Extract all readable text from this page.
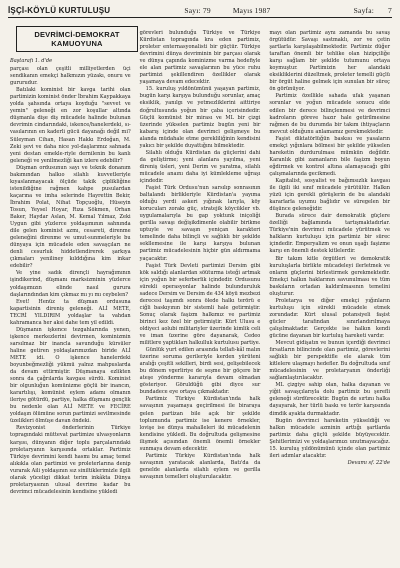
İŞÇİ-KÖYLÜ KURTULUŞU	Sayı: 79	Mayıs 1987	Sayfa: 7
DEVRİMCİ-DEMOKRAT KAMUOYUNA

Baştarafı 1. d'de

parçası olan çeşitli milliyetlerden üçi sendikanın emekçi halkmızın yüzakı, onuru ve gururudur.

Batılaki kominist bir kavga tarihi olan partimizin kominist önder İbrahim Kaypakkaya yolda şahsında ortaya koyduğu "sevvet ve yemin" geleneği en zor koşullar altında düşmanla dişe diş mücadele halinde bulunan devrimin cindarındaki, iskence/hanelerdeki, sı-vasılarının en kaderli gücü dayanağı değil mi? Süleyman Cihan, Hasan Hakkı Erdoğan, M. Zeki şevi ve daha nice yol-daşlarımız sahnada yeni destan emekle-riyle dernilenin bu kanlı geleneği ve yenilmezliği kan izlere edebilir?

Düşman ordusunun sayı ve teknik donanım bakımından halkıo silahlı kuvvetleriyle kıyaslanmayacak ölçüde takik çiplikliğine istenildiğine rağmen kahpe pusulardan kaçarına ve imha selerinde Hayrettin Bekir, İbrahim Polat, Nihat Topçuoğlu, Hüseyin Tosun, Yeysel Hoyar, Rıza Sökmen, Orhan Baker, Haydar Aslan, M. Kemal Yılmaz, Zeki Uygun gibi yüzlerce yoldaşımının sahnında dile gelen kominist azmı, cesareti, direnme geleneğini direnme ve umut-sunmeleriyle bu dünyaya için mücadele eden savaşçıları ne denli cesurluk hiddetlendirerek şarkıya çıkmaları yeniliney kılddığına kim inkar edebilir?

Ve yine sadık dirençli hayrağımının işindikerind, düşmanı marksizminin yüzlerce yoldaşımızın elinde nasıl gurura daşlarındından kim çıkmaz mı yı mı ceybelen?

Evet! Henüz ta düşman ordusuna kapartisinin direniş geleneği. ALİ METE, TECRİ YILDIRIM yoldaşlar ta vahdan kahramanca her aksi dahe tem yil edildi.

Düşmanın işkence tezgahlarında yenen, işkence merkezlerini devirmen, kominizmin sarsılmaz bir inancla savunduğu kürsüler haline getiren yoldaşlarımızdan biride ALİ METE idi. O işkence hanelerdeki boyunbeğmezliği yükmü yalnız mahpuslarda da devam ettirmiştir. Düşmanaya ezlikten sonra da çağrılarda kavgası sürdü. Kominist bir olgunluğun komünizme göçlü bir inancın, karartılışı, komünist eylem adamı olmanın ileriye götürdü, partiye, halka düşmanı gençlik bu nedenle olan ALİ METE ve FECİRE yoldaşın ölümüne sorun partimizi sevilmesinde üzelikleri ölmüşe davan öndeki.

Revizyonist önderlerinin Türkiye topragındaki müttevat partimize ulvasyonların karşısı, dünyanın diğer toplu parçalarındaki proletaryanın karşısında ortaklar. Partimiz Türkiye devrimini kendi hasmı bu amaç temel alıkıkla olan partimizi ve proleterlarına denip vurarak Aili yoldaşının sız siniltiklerimizle ilgili olarak yüceligi dikkat terim inkâkta Dünya proletaryasının ulusal devrime kadar bu devrimci mücadelesinin kendisine yükledi

görevleri bulunduğu Türkiye ve Türkiye Kürdistan topragında kra eden partimiz, proleter enternasyonalisti bir güçtür. Türkiye devrimini dünya devriminin bir parçası olarak ve dünya çapında kominizme varma hedefiyle ele alan partimiz savaşlarının bu yüce ruhu partimizi şekillendiren özellikler olarak yaşamaya devam edecektir.

15. kuruluş yıldönümünü yaşayan partimiz, bugün karşı karşıya bulunduğu sorunlar, amaç eksiklik, yanılgı ve yetmezliklerini aittiriye doğrultusunda yoğun bir çaba içerisindedir. Güçlü komünist bir mirası ve ML bir çizgi üzerinde yükselen partimiz bugün yeni bir kabarış içinde olan devrimci gelişmeye bu alanda müdahale etme gerekliliğinin kendisini yakıcı bir şekilde duyattığını bilmektedir.

Silahlı olduğu Kürdistan da güçlerini dahi da geliştirme; yeni alanlara yayılma, yeni direniş üsleri, yeni Derim ve yaratma, silahlı mücadele anaını daha iyi kümlekleme uğraşı içindedir.

Faşist Türk Ordusu'nun sarsılıp sonrasının baltalandı birlikleriyle Kürdistan'a yayıma olduğu yerdi askeri yığınak larıyla, köy korucuları zorakı güç, stratejik köycükler vb. uygulamalarıyla bu gap yoktunk iniçoliği gerilla savaşı değişikdimenle olabilir birikme uptuyle ve savaşın yeniçan karakteri temelinde daha bilinçli ve sağlıklı bir şekilde sekllemesine ile karşı karşıya bulunan partimiz mücadelesinin hiçbir gün aldırmama yaçacaktır.

Faşist Türk Devleti partimizi Dersim gibi kök saldığı alanlardan söüturma isteği artmak için yoğun bir seferberlik içindedir. Ordusunu sürekli operasyonlar halinde bulunduruluk sadece Dersim ve Dersim de 434 köyü mezbezi derecesi taşımdı sonra ölede halkı terörü e ciğli baskıyının bir sistemli hale getirmiştir. Sonuç olarak faşizm halkımız ve partimiz birinci kez özel bir getirmiştir. Kürt Ulusu e oldiyeci aolubi militariyler üzerinde kimlik celi ve iman üzerine göre dayanarak, Cedeo militlere yaptikları halkulluk kurtulusu partiye.

Günlük yurt edilen arasında tellafı-kâl malın üzerine soruma gerileriyle kerden yürüteni aralığı çeşitli sekilleri, birdi sesi, gelişebilecek bu dönem vgerliriye de seşme bir göçere bir ateşe yönderme kararıyla devam olmadan gösteriyor. Göruldüğü gibi diyce sur bundadece eye ortaya çıkmaktadır.

Partimiz Türkiye Kürdistan'ında halk savaşının yaşamaya geçirilmesi ile biraraya gelen partizan bile açık bir şekilde toplumunda partimiz ise kenere örnekler, lovişe ise dünya mahalleleri iki mücadelenin kendisine yükledi. Bu doğrultuda gelişmesine ilişmek açısından önemli önemli örnekler sunmaya devam edecektir.

Partimiz Türkiye Kürdistan'ında halk savaşının yaratacak alanlarda, Batı'da da genelde alanlarda silahlı eylem ve gerilla savaşının temelleri oluşturulacaktır.

mayı olan partimiz aynı zamanda bu savaş örgütüdür. Savaşı sastmaklı, zor ve çetin şartlarla karşılaşabilmektedir. Partimiz düğer taraftan önemli bir tehlike olan hizipçiliğe karşı sağlam bir şekilde tutumunu ortaya koymuştur. Partimizin her alandaki eksikliklerini düzeltmek, proleter temelli güçlü bir örgüt haline gelmek için sunulan bir süreç ön görünüyor.

Partimiz özellikle sahada ufak yaşanan sorunlar ve yoğun mücadele sonucu elde edilen bir derece bilinçlenmesi ve devrimci kadroların göreve hazır hale getirilmesine rağmen de bu durumda bir takım ihtiyaçların mevcut olduğunu anlamamız gerekmektedir.

Faşist diktatörlüğün baskısı ve yasaların emekçi yığınlara bölmesi bir şekilde yükselen hareketin durdurulması mümkün değildir. Karanlık gibi zamanların bile faşizm boyun eğdirmek ve kontrol altına alamayacağı gibi çalışmalarında gecikmedi.

Kapitalist, sosyalist ve bağımsızlık kavgası ile ilgili iki sınıf mücadele yürütülür. Halkın yüzü için gerekli görüşlerin de bu alandaki kararlarla uyumu bağlıdır ve süregelen bir düşünce geleneğidir.

Burada sürece dair demokratik güçlere özelliği bağlamında tartışmaktadırlar. Türkiye'nin devrimci mücadele yürütmek ve halkların kurtuluşu için partimiz bir sürec içindedir. Emperyalizm ve onun uşağı faşizme karşı en önemli destek kitlelerdir.

Bir takım kitle örgütleri ve demokratik kuruluşlarla birlikte mücadeleyi ilerletmek ve onların güçlerini birlestirmek gerekmektedir. Emekçi halkın haklarının savunulması ve tüm baskıların ortadan kaldırılmasının temelini oluşturur.

Proletarya ve diğer emekçi yığınların kurtuluşu için sürekli mücadele etmek zorundadır. Kürt ulusal potansiyeli faşist gücler tarafından sınırlandırılmaya çalışılmaktadır. Gerçekte ise halkın kendi gücüne dayanan bir kurtuluş hareketi vardır.

Mevcut gidişatın ve bunun içerdiği devrimci fırsatların bilincinde olan partimiz, görevlerini sağlıklı bir perspektifle ele alarak tüm kitlelere ulaşmayı hedefler. Bu doğrultuda sınıf mücadelesinin ve proletaryanın önderliği sağlamlaştırılacaktır.

ML çizgiye sahip olan, halka dayanan ve yiğit savaşçılarıyla dolu partimiz bu şerefli geleneği sürdürecektir. Bugün de sırtını halka dayayarak, her türlü baskı ve terör karşısında dimdik ayakta durmaktadır.

Bugün devrimci hareketin yükseldiği ve halkın mücadele azminin arttığı şartlarda partimiz daha güçlü şekilde büyüyecektir. Şehitlerimizi ve yoldaşlarımızı unutmayacağız. 15. kuruluş yıldönümünü içinde olan partimiz ileri adımlar atacaktır.

Devamı sf. 22'de
